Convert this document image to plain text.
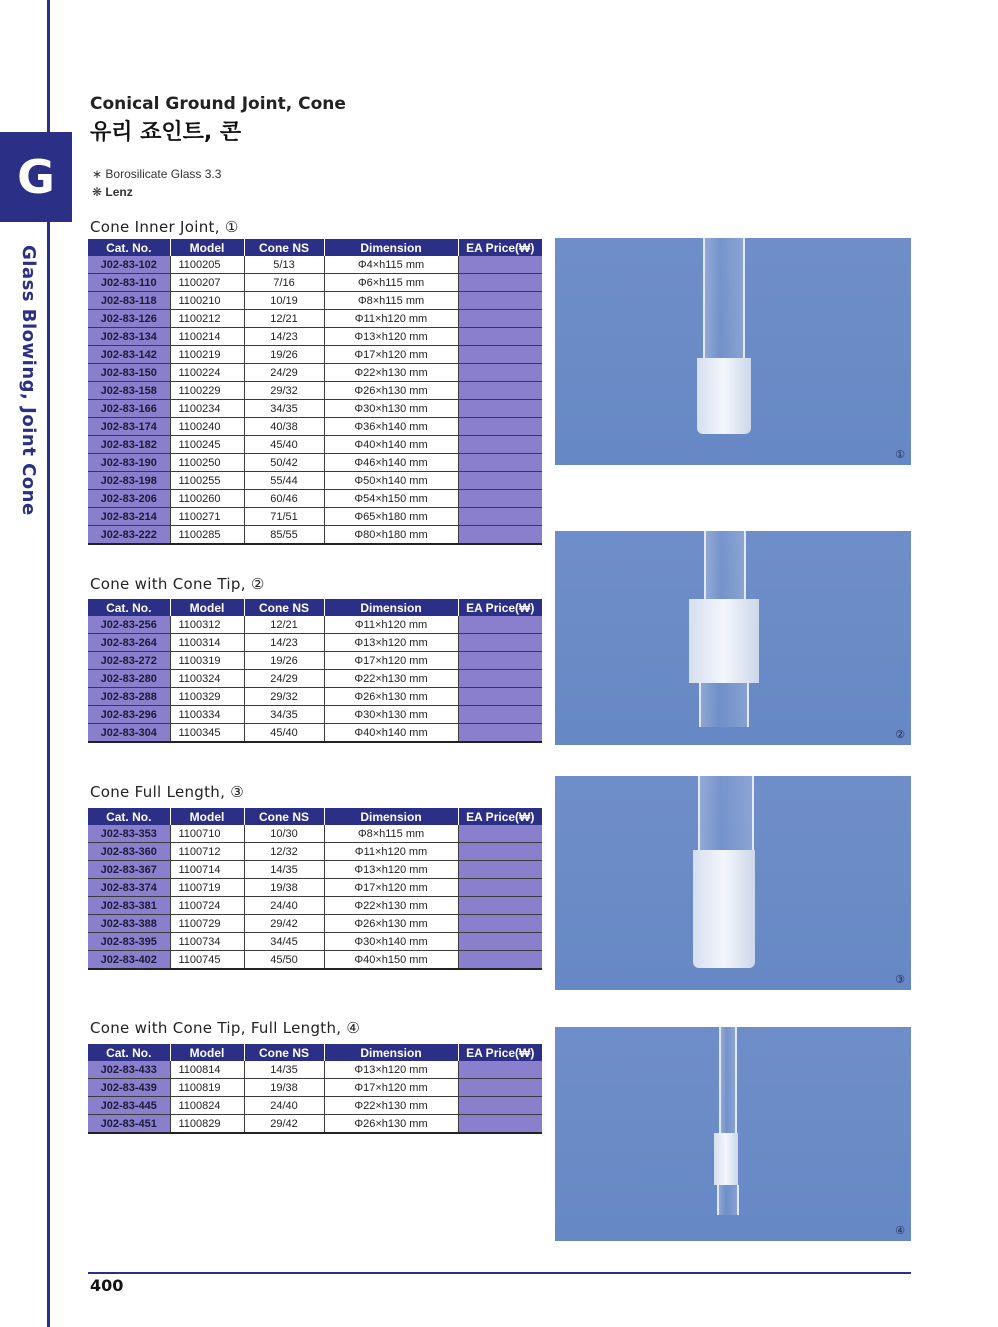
G
Glass Blowing, Joint Cone
Conical Ground Joint, Cone
유리 죠인트, 콘
∗ Borosilicate Glass 3.3
❋ Lenz
Cone Inner Joint, ①
Cat. No.	Model	Cone NS	Dimension	EA Price(₩)
J02-83-102	1100205	5/13	Φ4×h115 mm	
J02-83-110	1100207	7/16	Φ6×h115 mm	
J02-83-118	1100210	10/19	Φ8×h115 mm	
J02-83-126	1100212	12/21	Φ11×h120 mm	
J02-83-134	1100214	14/23	Φ13×h120 mm	
J02-83-142	1100219	19/26	Φ17×h120 mm	
J02-83-150	1100224	24/29	Φ22×h130 mm	
J02-83-158	1100229	29/32	Φ26×h130 mm	
J02-83-166	1100234	34/35	Φ30×h130 mm	
J02-83-174	1100240	40/38	Φ36×h140 mm	
J02-83-182	1100245	45/40	Φ40×h140 mm	
J02-83-190	1100250	50/42	Φ46×h140 mm	
J02-83-198	1100255	55/44	Φ50×h140 mm	
J02-83-206	1100260	60/46	Φ54×h150 mm	
J02-83-214	1100271	71/51	Φ65×h180 mm	
J02-83-222	1100285	85/55	Φ80×h180 mm	
Cone with Cone Tip, ②
Cat. No.	Model	Cone NS	Dimension	EA Price(₩)
J02-83-256	1100312	12/21	Φ11×h120 mm	
J02-83-264	1100314	14/23	Φ13×h120 mm	
J02-83-272	1100319	19/26	Φ17×h120 mm	
J02-83-280	1100324	24/29	Φ22×h130 mm	
J02-83-288	1100329	29/32	Φ26×h130 mm	
J02-83-296	1100334	34/35	Φ30×h130 mm	
J02-83-304	1100345	45/40	Φ40×h140 mm	
Cone Full Length, ③
Cat. No.	Model	Cone NS	Dimension	EA Price(₩)
J02-83-353	1100710	10/30	Φ8×h115 mm	
J02-83-360	1100712	12/32	Φ11×h120 mm	
J02-83-367	1100714	14/35	Φ13×h120 mm	
J02-83-374	1100719	19/38	Φ17×h120 mm	
J02-83-381	1100724	24/40	Φ22×h130 mm	
J02-83-388	1100729	29/42	Φ26×h130 mm	
J02-83-395	1100734	34/45	Φ30×h140 mm	
J02-83-402	1100745	45/50	Φ40×h150 mm	
Cone with Cone Tip, Full Length, ④
Cat. No.	Model	Cone NS	Dimension	EA Price(₩)
J02-83-433	1100814	14/35	Φ13×h120 mm	
J02-83-439	1100819	19/38	Φ17×h120 mm	
J02-83-445	1100824	24/40	Φ22×h130 mm	
J02-83-451	1100829	29/42	Φ26×h130 mm	
①
②
③
④
400
